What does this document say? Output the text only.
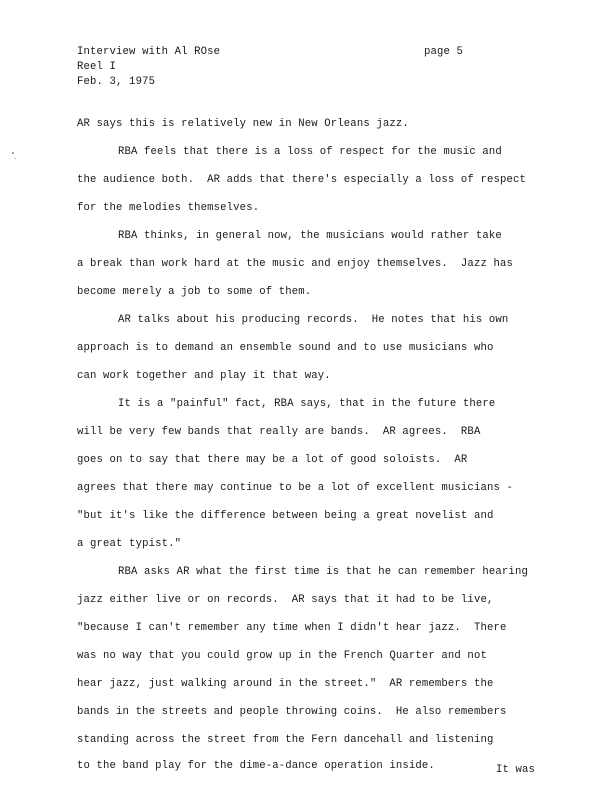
Interview with Al ROse	page 5
Reel I
Feb. 3, 1975
AR says this is relatively new in New Orleans jazz.
RBA feels that there is a loss of respect for the music and
the audience both.  AR adds that there's especially a loss of respect
for the melodies themselves.
RBA thinks, in general now, the musicians would rather take
a break than work hard at the music and enjoy themselves.  Jazz has
become merely a job to some of them.
AR talks about his producing records.  He notes that his own
approach is to demand an ensemble sound and to use musicians who
can work together and play it that way.
It is a "painful" fact, RBA says, that in the future there
will be very few bands that really are bands.  AR agrees.  RBA
goes on to say that there may be a lot of good soloists.  AR
agrees that there may continue to be a lot of excellent musicians -
"but it's like the difference between being a great novelist and
a great typist."
RBA asks AR what the first time is that he can remember hearing
jazz either live or on records.  AR says that it had to be live,
"because I can't remember any time when I didn't hear jazz.  There
was no way that you could grow up in the French Quarter and not
hear jazz, just walking around in the street."  AR remembers the
bands in the streets and people throwing coins.  He also remembers
standing across the street from the Fern dancehall and listening
to the band play for the dime-a-dance operation inside.	It was
